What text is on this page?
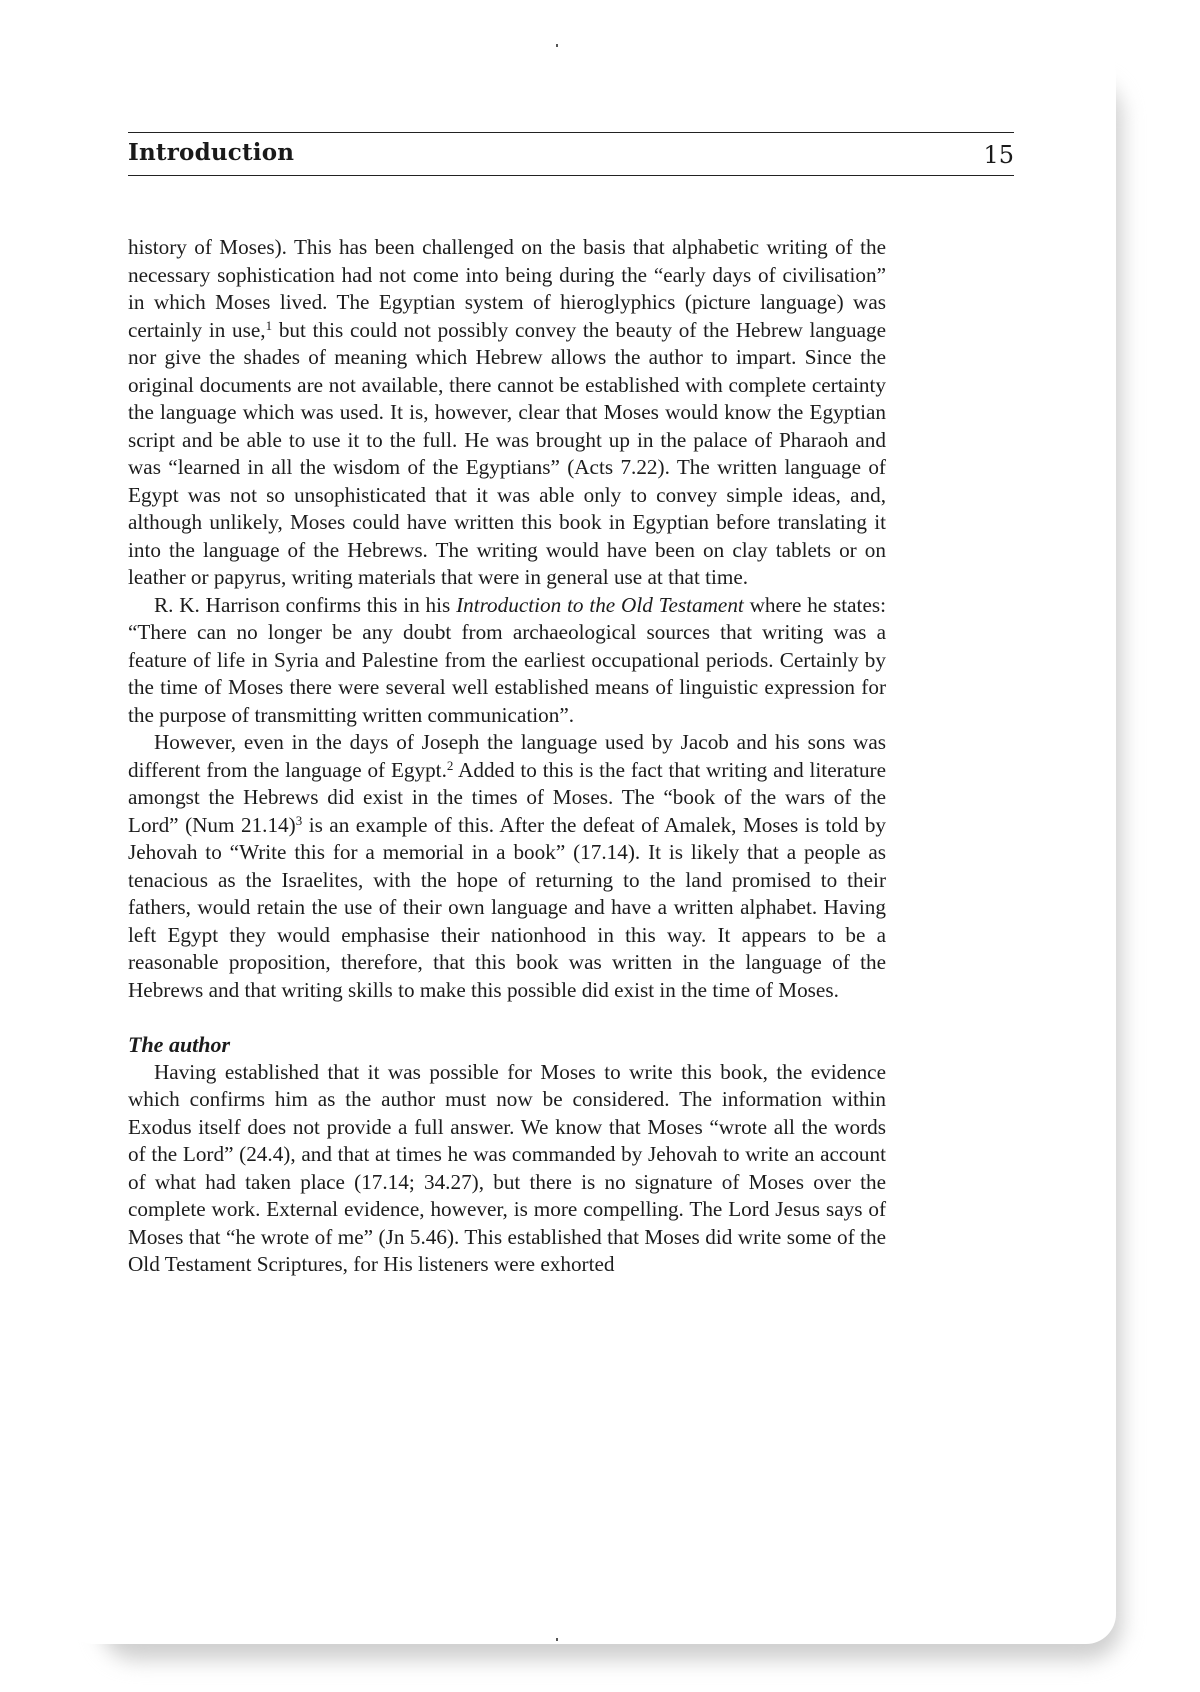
Introduction	15

history of Moses). This has been challenged on the basis that alphabetic writing of the necessary sophistication had not come into being during the “early days of civilisation” in which Moses lived. The Egyptian system of hieroglyphics (picture language) was certainly in use,$^1$ but this could not possibly convey the beauty of the Hebrew language nor give the shades of meaning which Hebrew allows the author to impart. Since the original documents are not available, there cannot be established with complete certainty the language which was used. It is, however, clear that Moses would know the Egyptian script and be able to use it to the full. He was brought up in the palace of Pharaoh and was “learned in all the wisdom of the Egyptians” (Acts 7.22). The written language of Egypt was not so unsophisticated that it was able only to convey simple ideas, and, although unlikely, Moses could have written this book in Egyptian before translating it into the language of the Hebrews. The writing would have been on clay tablets or on leather or papyrus, writing materials that were in general use at that time.

R. K. Harrison confirms this in his Introduction to the Old Testament where he states: “There can no longer be any doubt from archaeological sources that writing was a feature of life in Syria and Palestine from the earliest occupational periods. Certainly by the time of Moses there were several well established means of linguistic expression for the purpose of transmitting written communication”.

However, even in the days of Joseph the language used by Jacob and his sons was different from the language of Egypt.$^2$ Added to this is the fact that writing and literature amongst the Hebrews did exist in the times of Moses. The “book of the wars of the Lord” (Num 21.14)$^3$ is an example of this. After the defeat of Amalek, Moses is told by Jehovah to “Write this for a memorial in a book” (17.14). It is likely that a people as tenacious as the Israelites, with the hope of returning to the land promised to their fathers, would retain the use of their own language and have a written alphabet. Having left Egypt they would emphasise their nationhood in this way. It appears to be a reasonable proposition, therefore, that this book was written in the language of the Hebrews and that writing skills to make this possible did exist in the time of Moses.

The author

Having established that it was possible for Moses to write this book, the evidence which confirms him as the author must now be considered. The information within Exodus itself does not provide a full answer. We know that Moses “wrote all the words of the Lord” (24.4), and that at times he was commanded by Jehovah to write an account of what had taken place (17.14; 34.27), but there is no signature of Moses over the complete work. External evidence, however, is more compelling. The Lord Jesus says of Moses that “he wrote of me” (Jn 5.46). This established that Moses did write some of the Old Testament Scriptures, for His listeners were exhorted
